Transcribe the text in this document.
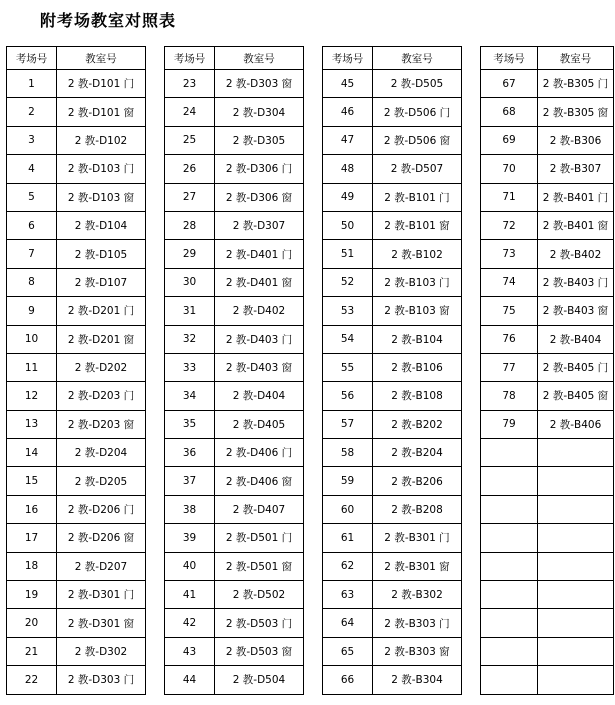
附考场教室对照表
考场号	教室号		考场号	教室号		考场号	教室号		考场号	教室号
1	2 教-D101 门		23	2 教-D303 窗		45	2 教-D505		67	2 教-B305 门
2	2 教-D101 窗		24	2 教-D304		46	2 教-D506 门		68	2 教-B305 窗
3	2 教-D102		25	2 教-D305		47	2 教-D506 窗		69	2 教-B306
4	2 教-D103 门		26	2 教-D306 门		48	2 教-D507		70	2 教-B307
5	2 教-D103 窗		27	2 教-D306 窗		49	2 教-B101 门		71	2 教-B401 门
6	2 教-D104		28	2 教-D307		50	2 教-B101 窗		72	2 教-B401 窗
7	2 教-D105		29	2 教-D401 门		51	2 教-B102		73	2 教-B402
8	2 教-D107		30	2 教-D401 窗		52	2 教-B103 门		74	2 教-B403 门
9	2 教-D201 门		31	2 教-D402		53	2 教-B103 窗		75	2 教-B403 窗
10	2 教-D201 窗		32	2 教-D403 门		54	2 教-B104		76	2 教-B404
11	2 教-D202		33	2 教-D403 窗		55	2 教-B106		77	2 教-B405 门
12	2 教-D203 门		34	2 教-D404		56	2 教-B108		78	2 教-B405 窗
13	2 教-D203 窗		35	2 教-D405		57	2 教-B202		79	2 教-B406
14	2 教-D204		36	2 教-D406 门		58	2 教-B204			
15	2 教-D205		37	2 教-D406 窗		59	2 教-B206			
16	2 教-D206 门		38	2 教-D407		60	2 教-B208			
17	2 教-D206 窗		39	2 教-D501 门		61	2 教-B301 门			
18	2 教-D207		40	2 教-D501 窗		62	2 教-B301 窗			
19	2 教-D301 门		41	2 教-D502		63	2 教-B302			
20	2 教-D301 窗		42	2 教-D503 门		64	2 教-B303 门			
21	2 教-D302		43	2 教-D503 窗		65	2 教-B303 窗			
22	2 教-D303 门		44	2 教-D504		66	2 教-B304			
